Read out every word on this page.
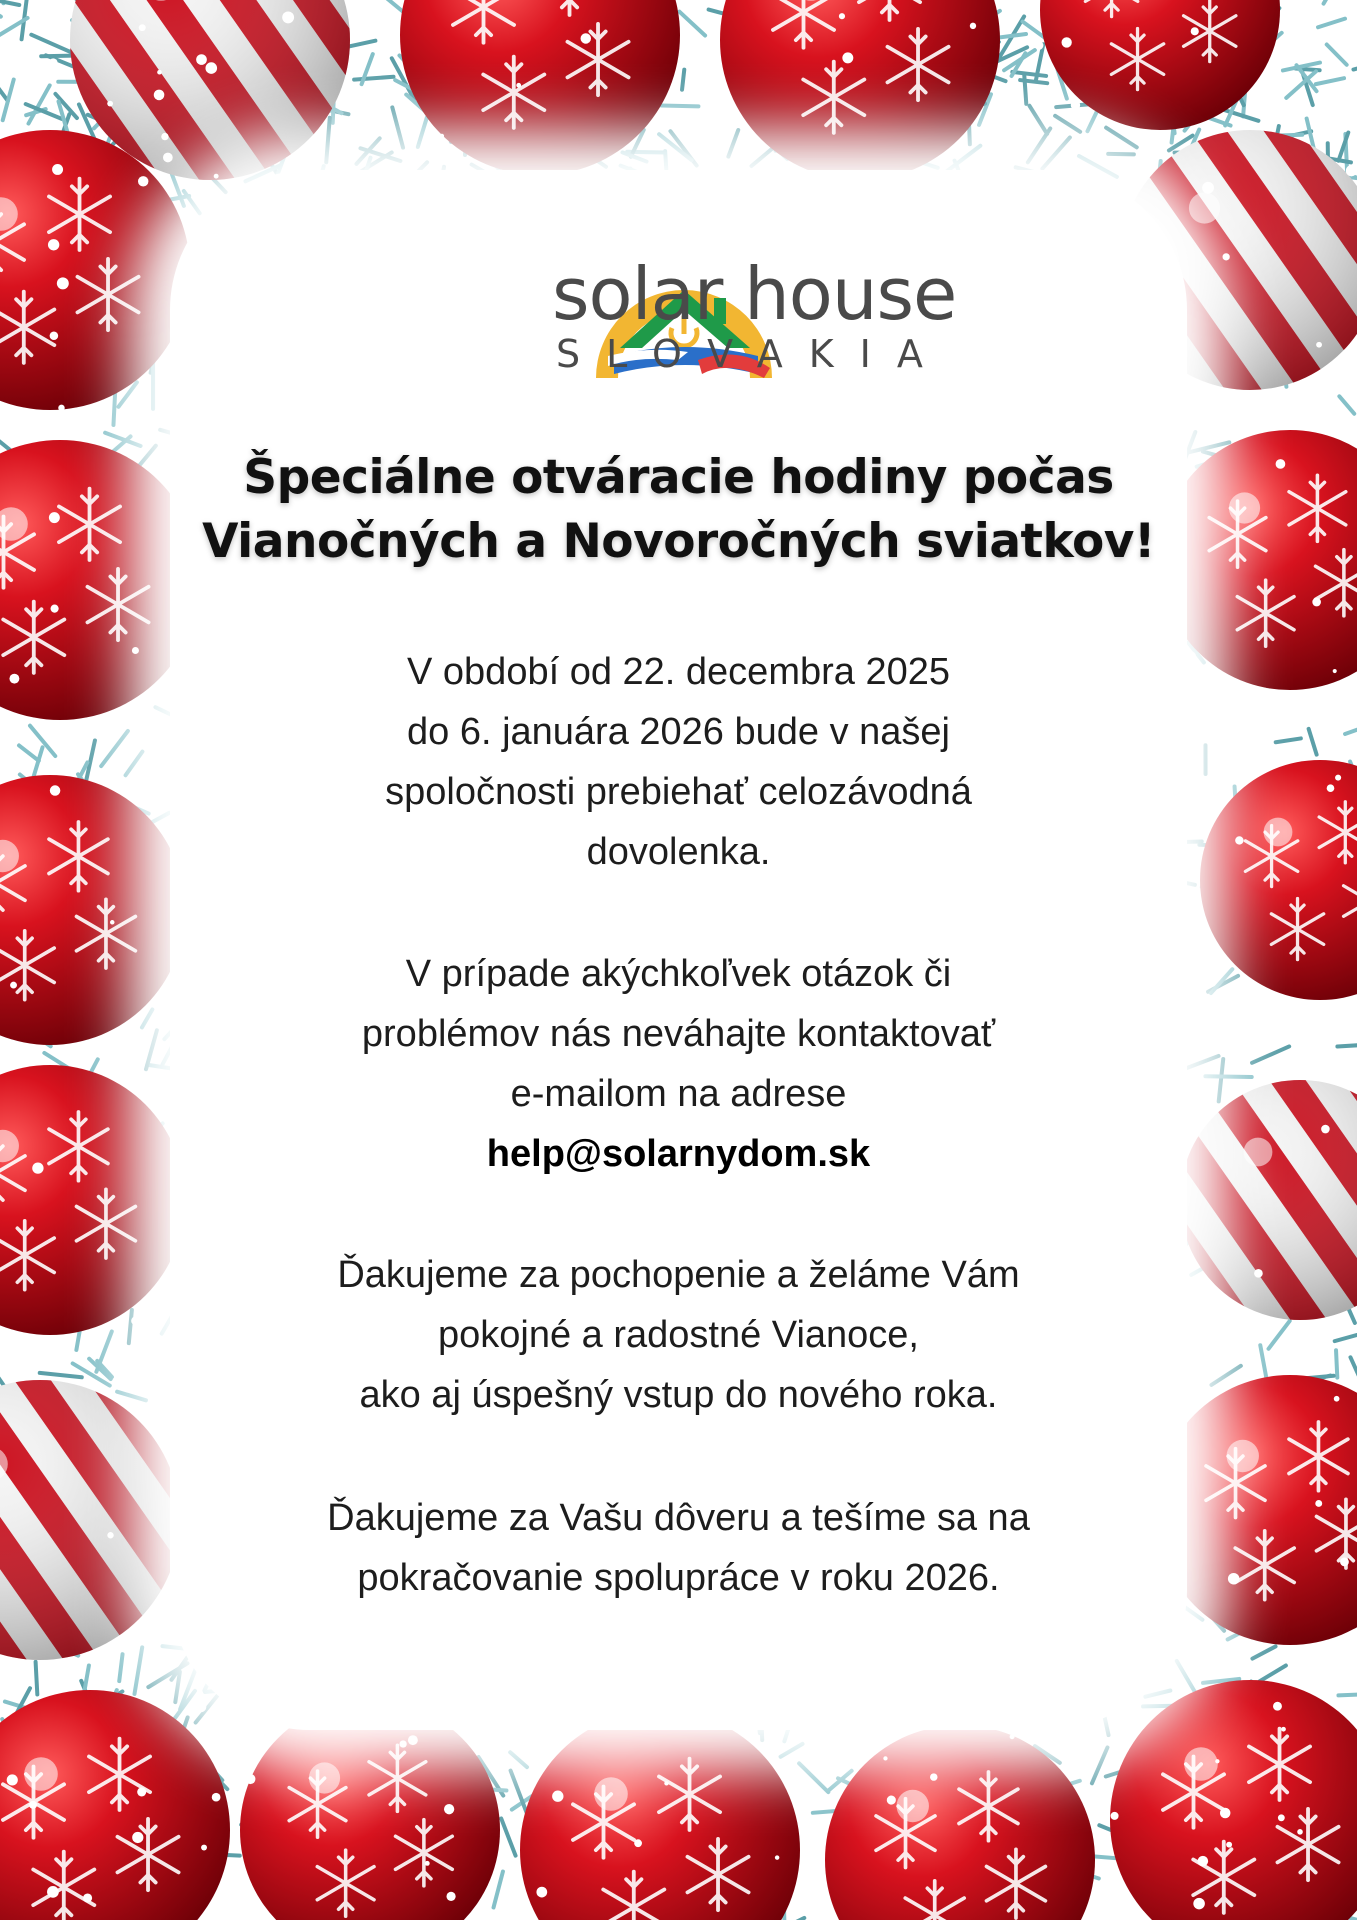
solar house
SLOVAKIA
Špeciálne otváracie hodiny počas
Vianočných a Novoročných sviatkov!

V období od 22. decembra 2025
do 6. januára 2026 bude v našej
spoločnosti prebiehať celozávodná
dovolenka.

V prípade akýchkoľvek otázok či
problémov nás neváhajte kontaktovať
e-mailom na adrese
help@solarnydom.sk

Ďakujeme za pochopenie a želáme Vám
pokojné a radostné Vianoce,
ako aj úspešný vstup do nového roka.

Ďakujeme za Vašu dôveru a tešíme sa na
pokračovanie spolupráce v roku 2026.
